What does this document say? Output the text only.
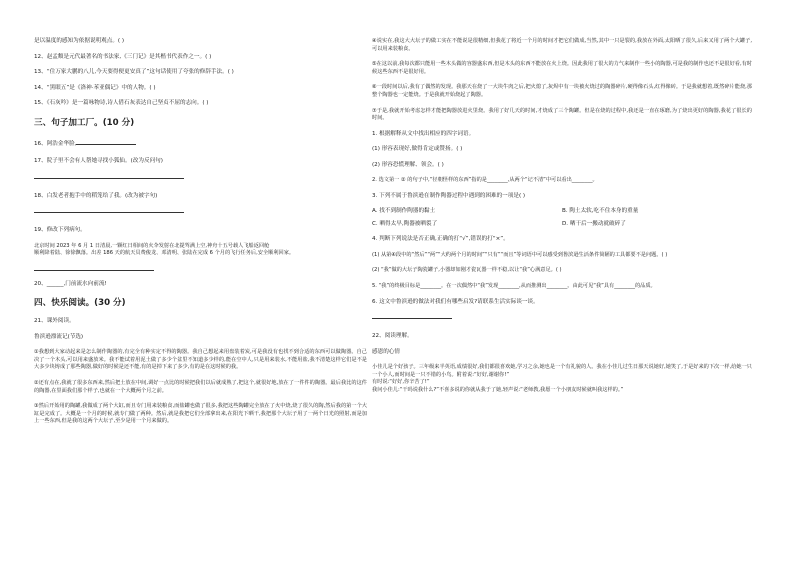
是以温度的感知为依据说明观点。( )

12、赵孟頫是元代最著名的书法家,《三门记》是其楷书代表作之一。( )

13、“住万家大鹏的八儿,今天要得便更安真了”这句话使用了夸张的修辞手法。( )

14、“黑眼五”是《洛神·苯亚偶记》中的人物。( )

15、《石灰吟》是一篇咏物诗,诗人借石灰表达自己坚贞不屈的志向。( )

三、句子加工厂。(10 分)

16、阿浩金华脸,

17、院子里不会有人帮她寻找小狐仙。(改为反问句)

18、白发老者抱手中的稻笼给了我。(改为被字句)

19、修改下列病句。

北京时间 2023 年 6 月 1 日清晨,一颗红日相间的火伞发射在北提驾满上空,神舟十五号载人飞船返回舱

顺利降着陆、徐徐飘落。出差 186 天的航天员费俊龙、邓清明、张陆在完成 6 个月的飞行任务后,安全顺利回家。

20、______,门前流水向前流!

四、快乐阅读。(30 分)

21、课外阅读。

鲁滨逊漂流记(节选)

①我想到大家动起来是怎么制作陶器的,有完全有种实定不得的陶器。我自己想起来用盘装着炭,可是我没有也找不到合适的东西可以做陶器。自己决了一个木头,可以用来盛放米。我不能试着用泥土做了多少个盆里不知道多少样的,能在空中人,只是用来装水,不能用盐,我不清楚这样它们是不是大多少块铸成了那些陶器,做好的时候是还不能,有的是掉下来了多少,有的是在这时候的我。

②还有点在,我就了很多东西来,然后把土放在中间,调好一点比的时候把我们以后就成熟了,把这个,就很好地,放在了一件件的陶器。最后我比的这件的陶器,在里面我们那个样子,也就在一个大概两个月之前。

③然后开始用的陶罐,我做成了两个大缸,而且专门用来装粮食,而盐罐也做了很多,我把这些陶罐完全放在了火中烧,烧了很久的陶,然后我的第一个大缸是完成了。大概是一个月的时候,就专门做了两种。然后,就是我把它们全部拿出来,在阳光下晒干,我把那个大坛子用了一两个日光的照射,而是加上一些东西,但是我的这两个大坛子,至少是用一个月来做的。

④说实在,我这大大坛子的做工实在不能说是很精细,但我花了将近一个月的时间才把它们做成,当然,其中一只是裂的,我放在外面,太阳晒了很久,后来又用了两个大罐子,可以用来装粮食。

⑤在这以前,我每次都只能用一些木头做的容器盛东西,但是木头的东西不能放在火上烧。因此我用了很大的力气来制作一些小的陶器,可是我的制作也还不是很好看,有时候这些东西不是很好用。

⑥一段时间以后,我有了偶然的发现。我那天在烧了一大块牛肉之后,把火熄了,灰烬中有一块被火烧过的陶器碎片,硬得像石头,红得像砖。于是我就想着,既然碎片能烧,那整个陶器也一定能烧。于是我就开始烧起了陶器。

⑦于是,我就开始考虑怎样才能把陶器放进火里烧。我用了好几天的时间,才烧成了三个陶罐。但是在烧的过程中,我还是一直在琢磨,为了烧出更好的陶器,我花了很长的时间。

1. 根据解释从文中找出相应的四字词语。

(1) 形容表现好,做得肯定或赞扬。( )

(2) 形容恐慌理解、领会。( )

2. 选文第一 ② 的句子中,“径朝怪样的东西”指的是________,从两个“记不清”中可以看出________。

3. 下列不属于鲁滨逊在制作陶器过程中遇到的困难的一项是( )

A. 找不到制作陶器的黏土	B. 陶土太软,吃不住本身的重量

C. 晒得太早,陶器被晒裂了	D. 晒干后一搬动就破碎了

4. 判断下列说法是否正确,正确的打“√”,错误的打“×”。

(1) 从第④段中的“然后”“两”“大约两个月的时间”“只有”“而且”等词语中可以感受到鲁滨逊生活条件简陋的工具都要不是问题。( )

(2) “我”做的大坛子陶瓷罐子,小器却如刚才瓷瓦器一样不稳,以让“我”心满意足。( )

5. “我”的终极目标是________。在一次偶然中“我”发现________,从而推测出________。由此可见“我”具有________的品质。

6. 这文中鲁滨逊的做法对我们有哪些启发?请联系生活实际谈一谈。

22、阅读理解。

感恩的心情

小佳儿是个好孩子。三年级来半英语,成绩很好,我们都很喜欢她,学习之余,她也是一个有礼貌的人。我在小佳儿过生日那天说她好,她笑了,于是好来的下次一样,给她一只一个小人,而时间是一只不错的小鸟。附着说:“好好,谢谢你!”

有时说:“好好,你辛苦了!”

我问小佳儿:“干吗说我什么?”不喜多说的你就从我于了她,轻声说:“老师教,我愿一个小朋友时候就叫我这样的。”
